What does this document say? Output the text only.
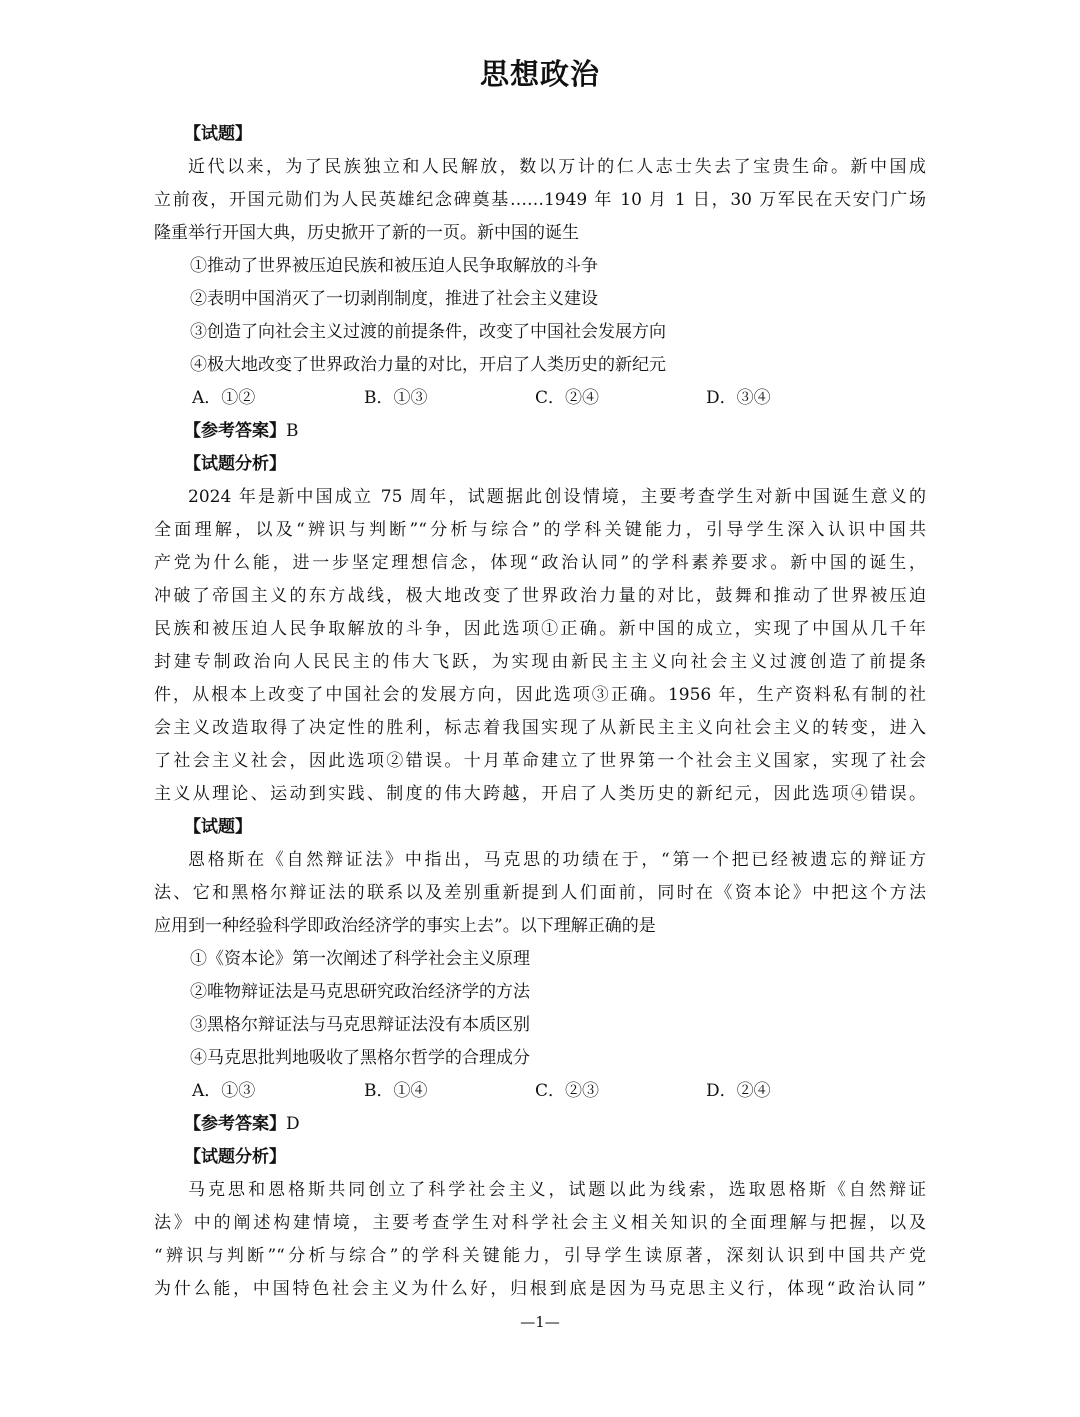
思想政治
【试题】
近代以来，为了民族独立和人民解放，数以万计的仁人志士失去了宝贵生命。新中国成
立前夜，开国元勋们为人民英雄纪念碑奠基……1949 年 10 月 1 日，30 万军民在天安门广场
隆重举行开国大典，历史掀开了新的一页。新中国的诞生
①推动了世界被压迫民族和被压迫人民争取解放的斗争
②表明中国消灭了一切剥削制度，推进了社会主义建设
③创造了向社会主义过渡的前提条件，改变了中国社会发展方向
④极大地改变了世界政治力量的对比，开启了人类历史的新纪元
A．①②	B．①③	C．②④	D．③④
【参考答案】B
【试题分析】
2024 年是新中国成立 75 周年，试题据此创设情境，主要考查学生对新中国诞生意义的
全面理解，以及“辨识与判断”“分析与综合”的学科关键能力，引导学生深入认识中国共
产党为什么能，进一步坚定理想信念，体现“政治认同”的学科素养要求。新中国的诞生，
冲破了帝国主义的东方战线，极大地改变了世界政治力量的对比，鼓舞和推动了世界被压迫
民族和被压迫人民争取解放的斗争，因此选项①正确。新中国的成立，实现了中国从几千年
封建专制政治向人民民主的伟大飞跃，为实现由新民主主义向社会主义过渡创造了前提条
件，从根本上改变了中国社会的发展方向，因此选项③正确。1956 年，生产资料私有制的社
会主义改造取得了决定性的胜利，标志着我国实现了从新民主主义向社会主义的转变，进入
了社会主义社会，因此选项②错误。十月革命建立了世界第一个社会主义国家，实现了社会
主义从理论、运动到实践、制度的伟大跨越，开启了人类历史的新纪元，因此选项④错误。
【试题】
恩格斯在《自然辩证法》中指出，马克思的功绩在于，“第一个把已经被遗忘的辩证方
法、它和黑格尔辩证法的联系以及差别重新提到人们面前，同时在《资本论》中把这个方法
应用到一种经验科学即政治经济学的事实上去”。以下理解正确的是
①《资本论》第一次阐述了科学社会主义原理
②唯物辩证法是马克思研究政治经济学的方法
③黑格尔辩证法与马克思辩证法没有本质区别
④马克思批判地吸收了黑格尔哲学的合理成分
A．①③	B．①④	C．②③	D．②④
【参考答案】D
【试题分析】
马克思和恩格斯共同创立了科学社会主义，试题以此为线索，选取恩格斯《自然辩证
法》中的阐述构建情境，主要考查学生对科学社会主义相关知识的全面理解与把握，以及
“辨识与判断”“分析与综合”的学科关键能力，引导学生读原著，深刻认识到中国共产党
为什么能，中国特色社会主义为什么好，归根到底是因为马克思主义行，体现“政治认同”
—1—
